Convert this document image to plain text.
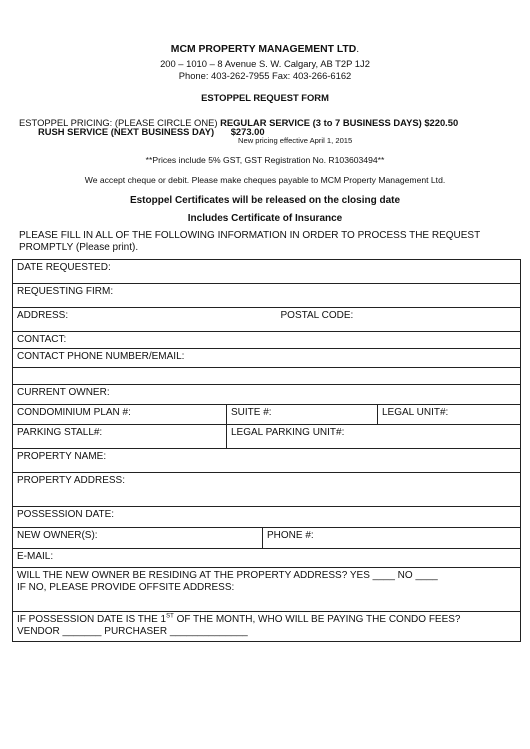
MCM PROPERTY MANAGEMENT LTD.
200 – 1010 – 8 Avenue S. W. Calgary, AB T2P 1J2
Phone: 403-262-7955 Fax: 403-266-6162
ESTOPPEL REQUEST FORM
ESTOPPEL PRICING: (PLEASE CIRCLE ONE) REGULAR SERVICE (3 to 7 BUSINESS DAYS) $220.50
RUSH SERVICE (NEXT BUSINESS DAY) $273.00
New pricing effective April 1, 2015
**Prices include 5% GST, GST Registration No. R103603494**
We accept cheque or debit. Please make cheques payable to MCM Property Management Ltd.
Estoppel Certificates will be released on the closing date
Includes Certificate of Insurance
PLEASE FILL IN ALL OF THE FOLLOWING INFORMATION IN ORDER TO PROCESS THE REQUEST
PROMPTLY (Please print).
DATE REQUESTED:			
REQUESTING FIRM:			
ADDRESS:		POSTAL CODE:	
CONTACT:			
CONTACT PHONE NUMBER/EMAIL:			

CURRENT OWNER:			
CONDOMINIUM PLAN #:	SUITE #:		LEGAL UNIT#:
PARKING STALL#:	LEGAL PARKING UNIT#:		
PROPERTY NAME:			
PROPERTY ADDRESS:			
POSSESSION DATE:			
NEW OWNER(S):		PHONE #:	
E-MAIL:			

WILL THE NEW OWNER BE RESIDING AT THE PROPERTY ADDRESS? YES ____ NO ____
IF NO, PLEASE PROVIDE OFFSITE ADDRESS:			

IF POSSESSION DATE IS THE 1ST OF THE MONTH, WHO WILL BE PAYING THE CONDO FEES?
VENDOR _______ PURCHASER ______________			
